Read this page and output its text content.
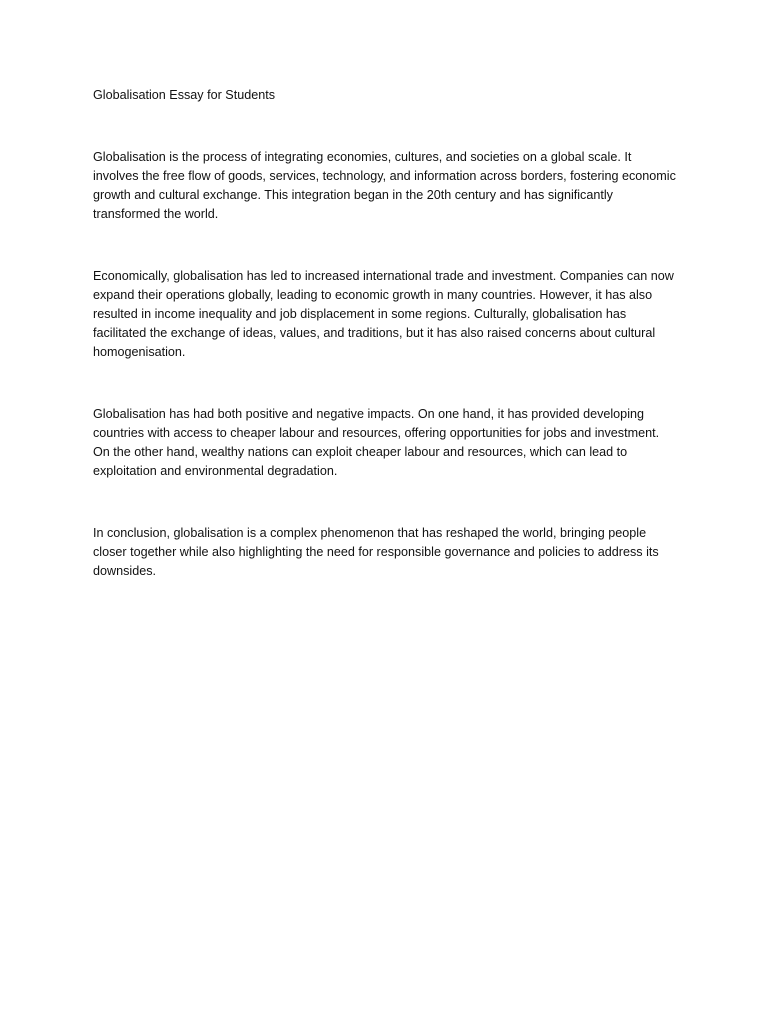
Globalisation Essay for Students

Globalisation is the process of integrating economies, cultures, and societies on a global scale. It involves the free flow of goods, services, technology, and information across borders, fostering economic growth and cultural exchange. This integration began in the 20th century and has significantly transformed the world.

Economically, globalisation has led to increased international trade and investment. Companies can now expand their operations globally, leading to economic growth in many countries. However, it has also resulted in income inequality and job displacement in some regions. Culturally, globalisation has facilitated the exchange of ideas, values, and traditions, but it has also raised concerns about cultural homogenisation.

Globalisation has had both positive and negative impacts. On one hand, it has provided developing countries with access to cheaper labour and resources, offering opportunities for jobs and investment. On the other hand, wealthy nations can exploit cheaper labour and resources, which can lead to exploitation and environmental degradation.

In conclusion, globalisation is a complex phenomenon that has reshaped the world, bringing people closer together while also highlighting the need for responsible governance and policies to address its downsides.
